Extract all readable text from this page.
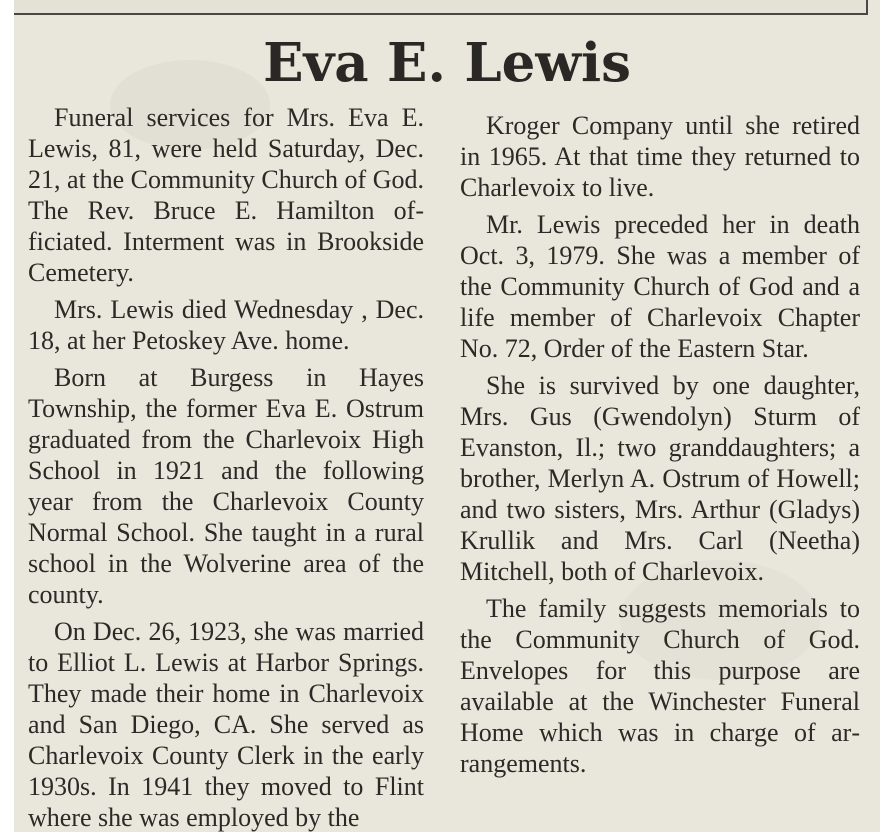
Eva E. Lewis

Funeral services for Mrs. Eva E. Lewis, 81, were held Saturday, Dec. 21, at the Community Church of God. The Rev. Bruce E. Hamilton officiated. Interment was in Brookside Cemetery.

Mrs. Lewis died Wednesday , Dec. 18, at her Petoskey Ave. home.

Born at Burgess in Hayes Township, the former Eva E. Ostrum graduated from the Charlevoix High School in 1921 and the following year from the Charlevoix County Normal School. She taught in a rural school in the Wolverine area of the county.

On Dec. 26, 1923, she was married to Elliot L. Lewis at Harbor Springs. They made their home in Charlevoix and San Diego, CA. She served as Charlevoix County Clerk in the early 1930s. In 1941 they moved to Flint where she was employed by the

Kroger Company until she retired in 1965. At that time they returned to Charlevoix to live.

Mr. Lewis preceded her in death Oct. 3, 1979. She was a member of the Community Church of God and a life member of Charlevoix Chapter No. 72, Order of the Eastern Star.

She is survived by one daughter, Mrs. Gus (Gwendolyn) Sturm of Evanston, Il.; two granddaughters; a brother, Merlyn A. Ostrum of Howell; and two sisters, Mrs. Arthur (Gladys) Krullik and Mrs. Carl (Neetha) Mitchell, both of Charlevoix.

The family suggests memorials to the Community Church of God. Envelopes for this purpose are available at the Winchester Funeral Home which was in charge of arrangements.
